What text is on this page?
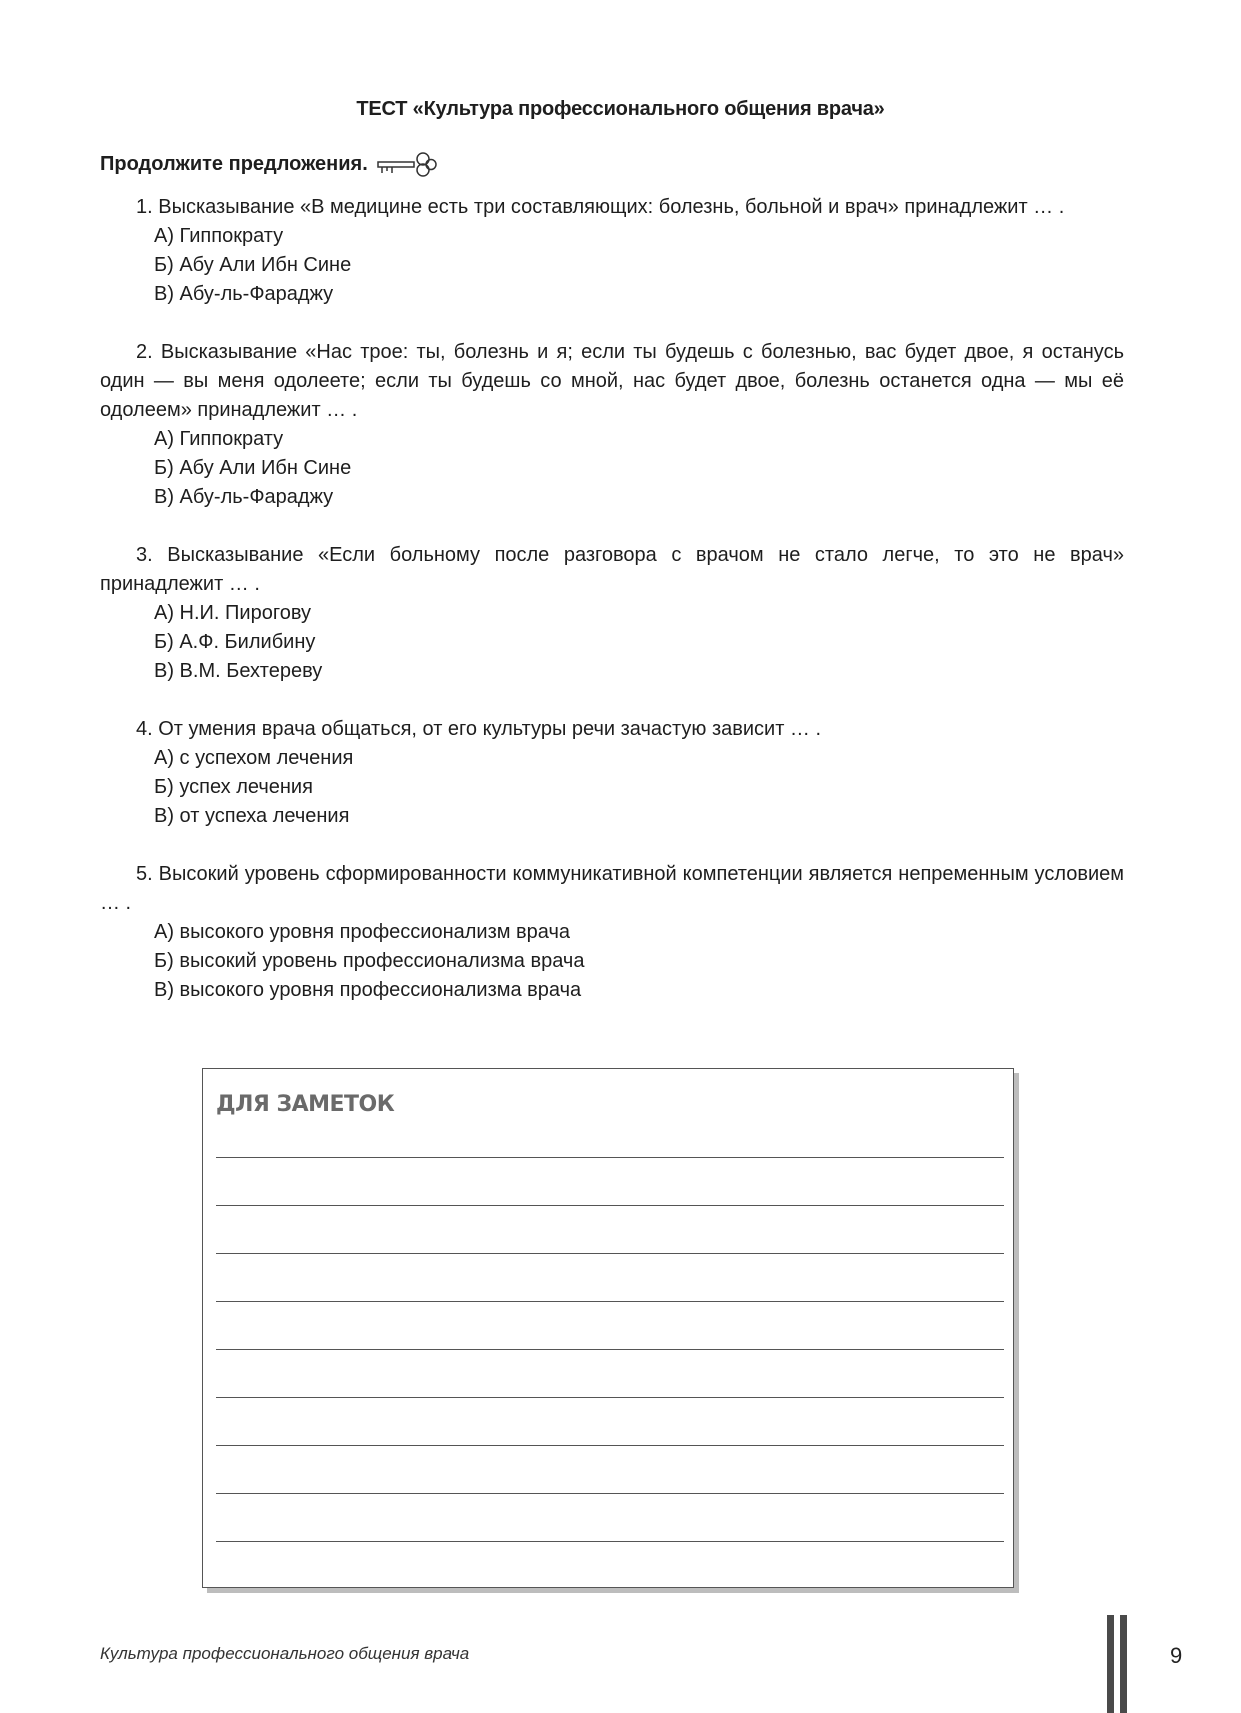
ТЕСТ «Культура профессионального общения врача»
Продолжите предложения.
1. Высказывание «В медицине есть три составляющих: болезнь, больной и врач» принадлежит … .
А) Гиппократу
Б) Абу Али Ибн Сине
В) Абу-ль-Фараджу
2. Высказывание «Нас трое: ты, болезнь и я; если ты будешь с болезнью, вас будет двое, я останусь один — вы меня одолеете; если ты будешь со мной, нас будет двое, болезнь останется одна — мы её одолеем» принадлежит … .
А) Гиппократу
Б) Абу Али Ибн Сине
В) Абу-ль-Фараджу
3. Высказывание «Если больному после разговора с врачом не стало легче, то это не врач» принадлежит … .
А) Н.И. Пирогову
Б) А.Ф. Билибину
В) В.М. Бехтереву
4. От умения врача общаться, от его культуры речи зачастую зависит … .
А) с успехом лечения
Б) успех лечения
В) от успеха лечения
5. Высокий уровень сформированности коммуникативной компетенции является непременным условием … .
А) высокого уровня профессионализм врача
Б) высокий уровень профессионализма врача
В) высокого уровня профессионализма врача
ДЛЯ ЗАМЕТОК
Культура профессионального общения врача	9
